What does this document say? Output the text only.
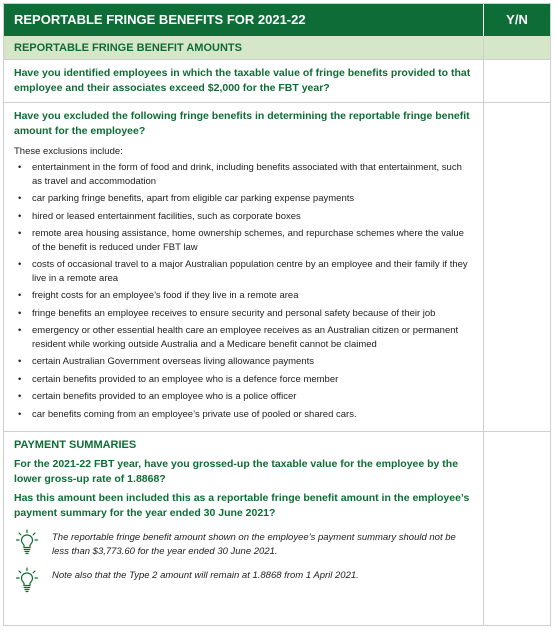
REPORTABLE FRINGE BENEFITS FOR 2021-22	Y/N
REPORTABLE FRINGE BENEFIT AMOUNTS

Have you identified employees in which the taxable value of fringe benefits provided to that employee and their associates exceed $2,000 for the FBT year?

Have you excluded the following fringe benefits in determining the reportable fringe benefit amount for the employee?

These exclusions include:

• entertainment in the form of food and drink, including benefits associated with that entertainment, such as travel and accommodation
• car parking fringe benefits, apart from eligible car parking expense payments
• hired or leased entertainment facilities, such as corporate boxes
• remote area housing assistance, home ownership schemes, and repurchase schemes where the value of the benefit is reduced under FBT law
• costs of occasional travel to a major Australian population centre by an employee and their family if they live in a remote area
• freight costs for an employee’s food if they live in a remote area
• fringe benefits an employee receives to ensure security and personal safety because of their job
• emergency or other essential health care an employee receives as an Australian citizen or permanent resident while working outside Australia and a Medicare benefit cannot be claimed
• certain Australian Government overseas living allowance payments
• certain benefits provided to an employee who is a defence force member
• certain benefits provided to an employee who is a police officer
• car benefits coming from an employee’s private use of pooled or shared cars.

PAYMENT SUMMARIES

For the 2021-22 FBT year, have you grossed-up the taxable value for the employee by the lower gross-up rate of 1.8868?

Has this amount been included this as a reportable fringe benefit amount in the employee’s payment summary for the year ended 30 June 2021?

The reportable fringe benefit amount shown on the employee’s payment summary should not be less than $3,773.60 for the year ended 30 June 2021.

Note also that the Type 2 amount will remain at 1.8868 from 1 April 2021.
